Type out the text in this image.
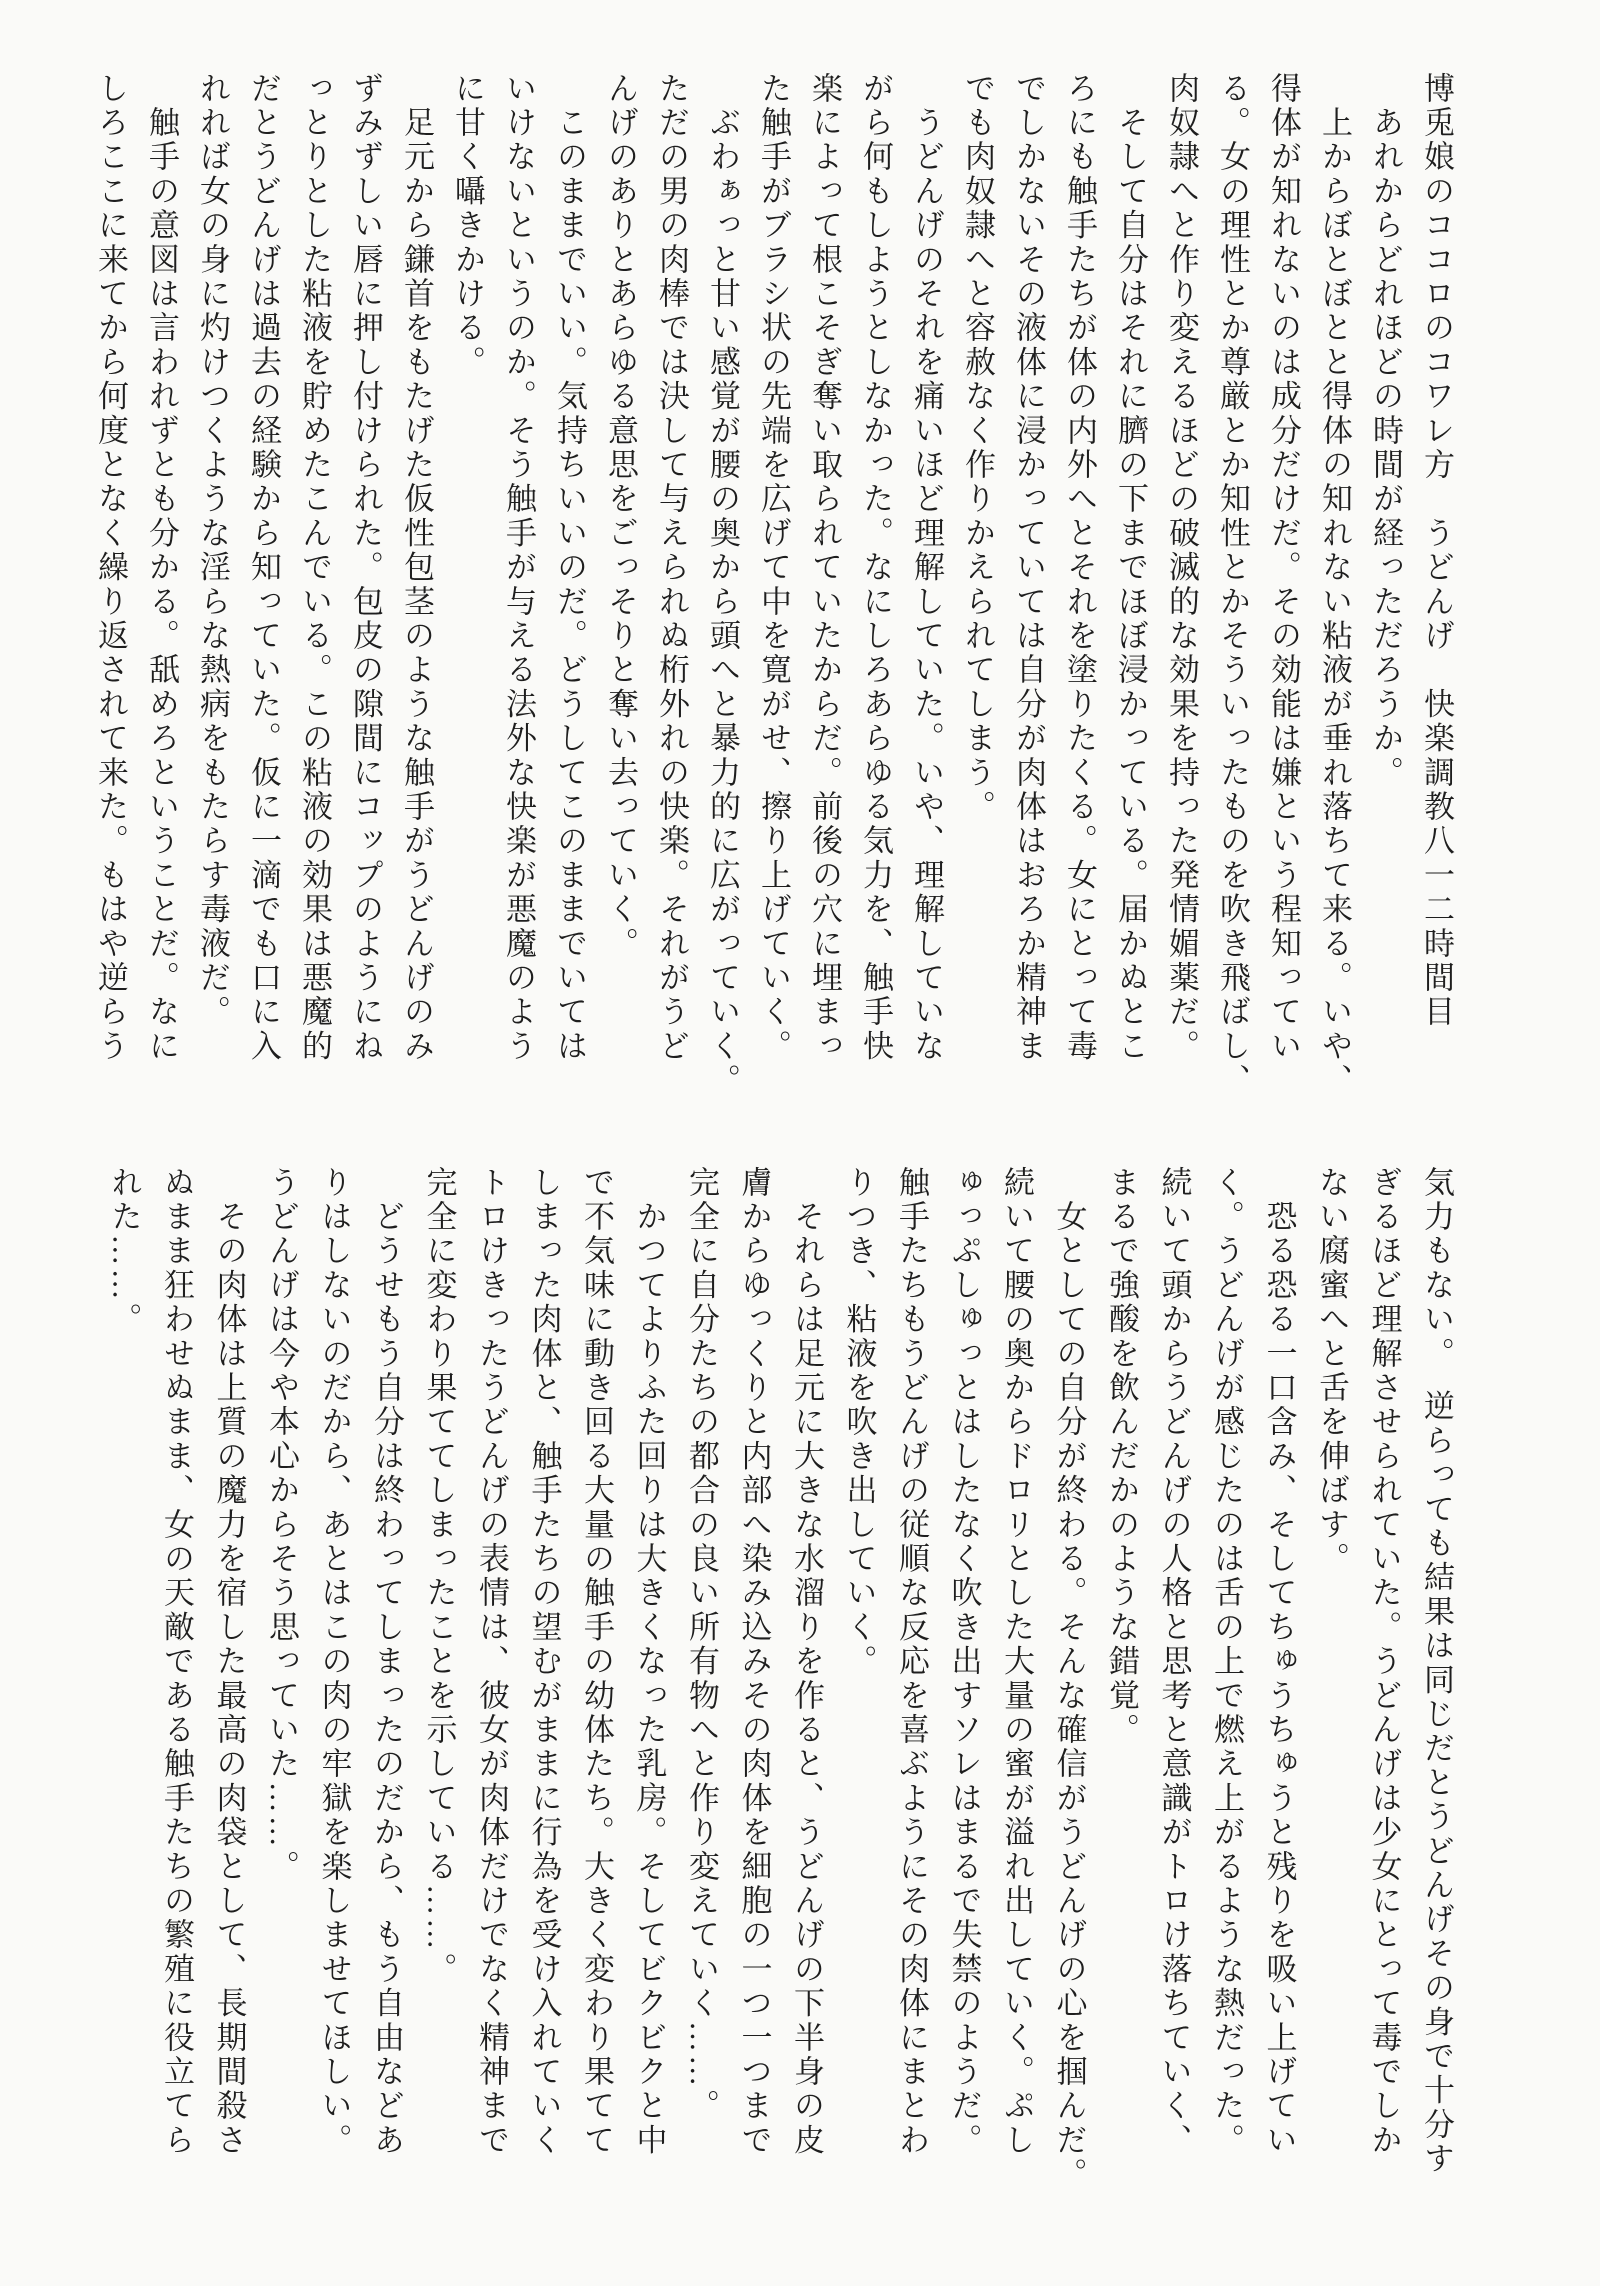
博兎娘のココロのコワレ方　うどんげ　快楽調教八一二時間目
　あれからどれほどの時間が経っただろうか。
　上からぼとぼとと得体の知れない粘液が垂れ落ちて来る。いや、
得体が知れないのは成分だけだ。その効能は嫌という程知ってい
る。女の理性とか尊厳とか知性とかそういったものを吹き飛ばし、
肉奴隷へと作り変えるほどの破滅的な効果を持った発情媚薬だ。
　そして自分はそれに臍の下までほぼ浸かっている。届かぬとこ
ろにも触手たちが体の内外へとそれを塗りたくる。女にとって毒
でしかないその液体に浸かっていては自分が肉体はおろか精神ま
でも肉奴隷へと容赦なく作りかえられてしまう。
　うどんげのそれを痛いほど理解していた。いや、理解していな
がら何もしようとしなかった。なにしろあらゆる気力を、触手快
楽によって根こそぎ奪い取られていたからだ。前後の穴に埋まっ
た触手がブラシ状の先端を広げて中を寛がせ、擦り上げていく。
　ぶわぁっと甘い感覚が腰の奥から頭へと暴力的に広がっていく。
ただの男の肉棒では決して与えられぬ桁外れの快楽。それがうど
んげのありとあらゆる意思をごっそりと奪い去っていく。
　このままでいい。気持ちいいのだ。どうしてこのままでいては
いけないというのか。そう触手が与える法外な快楽が悪魔のよう
に甘く囁きかける。
　足元から鎌首をもたげた仮性包茎のような触手がうどんげのみ
ずみずしい唇に押し付けられた。包皮の隙間にコップのようにね
っとりとした粘液を貯めたこんでいる。この粘液の効果は悪魔的
だとうどんげは過去の経験から知っていた。仮に一滴でも口に入
れれば女の身に灼けつくような淫らな熱病をもたらす毒液だ。
　触手の意図は言われずとも分かる。舐めろということだ。なに
しろここに来てから何度となく繰り返されて来た。もはや逆らう
気力もない。　逆らっても結果は同じだとうどんげその身で十分す
ぎるほど理解させられていた。うどんげは少女にとって毒でしか
ない腐蜜へと舌を伸ばす。
　恐る恐る一口含み、そしてちゅうちゅうと残りを吸い上げてい
く。うどんげが感じたのは舌の上で燃え上がるような熱だった。
続いて頭からうどんげの人格と思考と意識がトロけ落ちていく、
まるで強酸を飲んだかのような錯覚。
　女としての自分が終わる。そんな確信がうどんげの心を掴んだ。
続いて腰の奥からドロリとした大量の蜜が溢れ出していく。ぷし
ゅっぷしゅっとはしたなく吹き出すソレはまるで失禁のようだ。
触手たちもうどんげの従順な反応を喜ぶようにその肉体にまとわ
りつき、粘液を吹き出していく。
　それらは足元に大きな水溜りを作ると、うどんげの下半身の皮
膚からゆっくりと内部へ染み込みその肉体を細胞の一つ一つまで
完全に自分たちの都合の良い所有物へと作り変えていく……。
　かつてよりふた回りは大きくなった乳房。そしてビクビクと中
で不気味に動き回る大量の触手の幼体たち。大きく変わり果てて
しまった肉体と、触手たちの望むがままに行為を受け入れていく
トロけきったうどんげの表情は、彼女が肉体だけでなく精神まで
完全に変わり果ててしまったことを示している……。
　どうせもう自分は終わってしまったのだから、もう自由などあ
りはしないのだから、あとはこの肉の牢獄を楽しませてほしい。
うどんげは今や本心からそう思っていた……。
　その肉体は上質の魔力を宿した最高の肉袋として、長期間殺さ
ぬまま狂わせぬまま、女の天敵である触手たちの繁殖に役立てら
れた……。
